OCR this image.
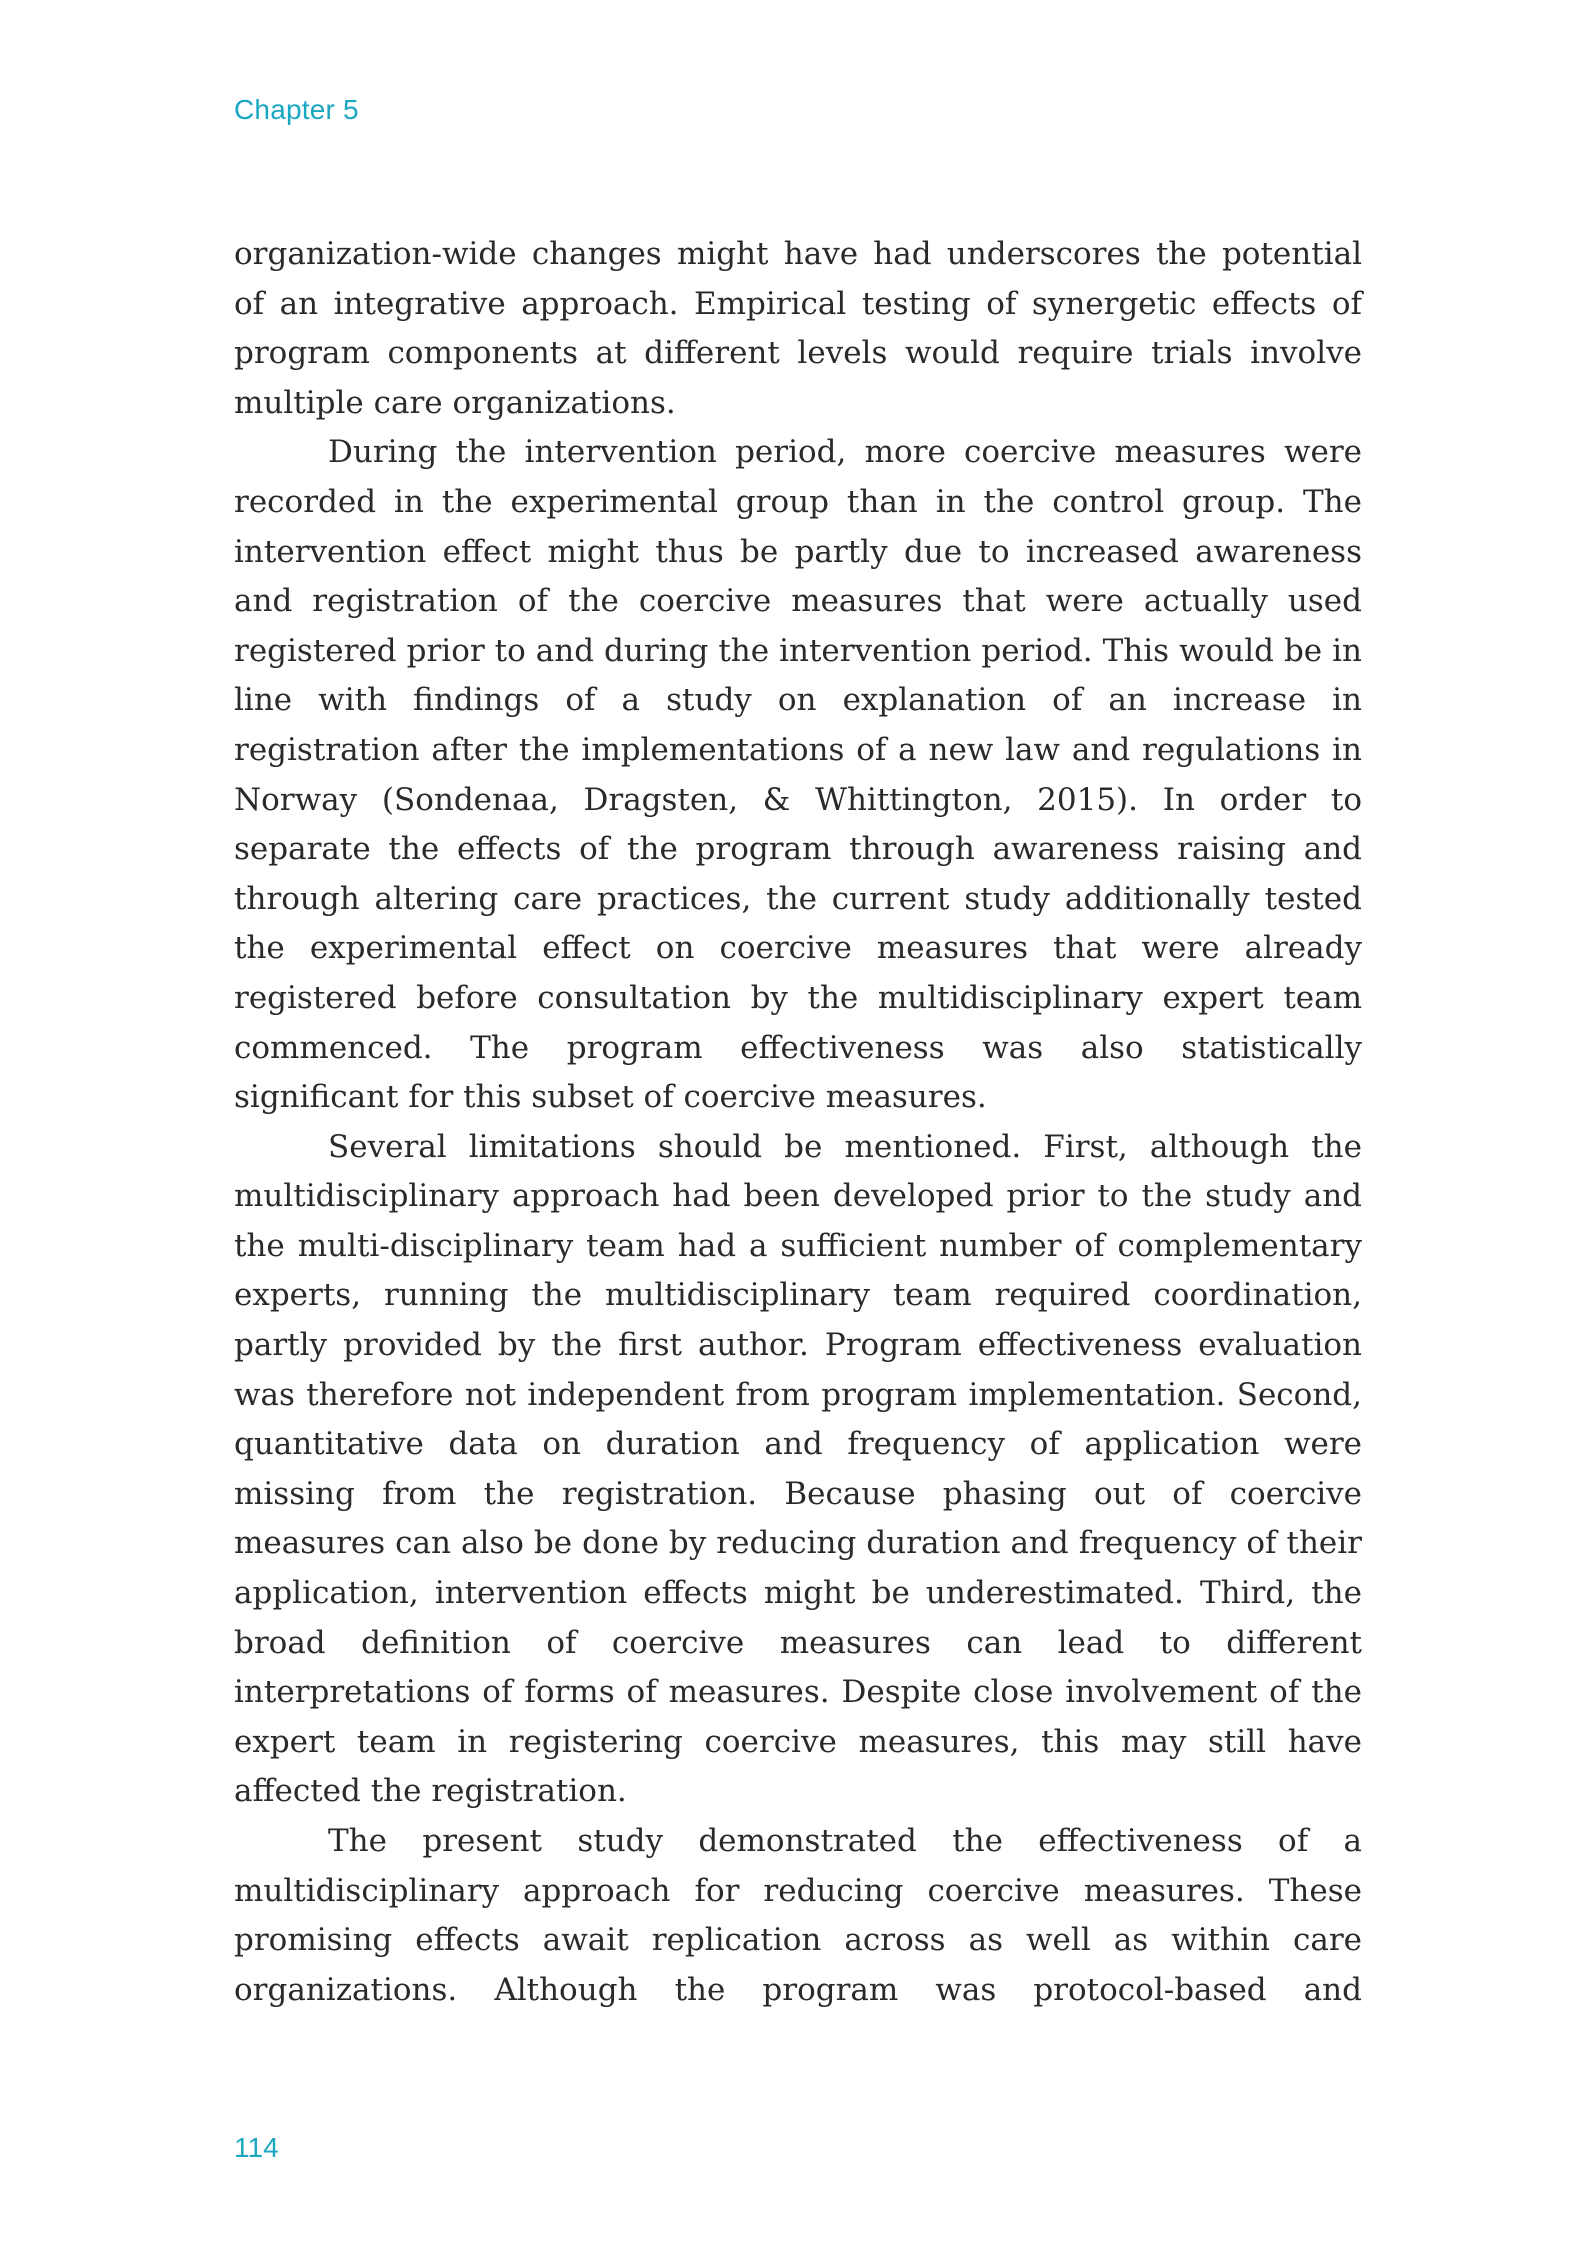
Chapter 5

organization-wide changes might have had underscores the potential of an integrative approach. Empirical testing of synergetic effects of program components at different levels would require trials involve multiple care organizations.

During the intervention period, more coercive measures were recorded in the experimental group than in the control group. The intervention effect might thus be partly due to increased awareness and registration of the coercive measures that were actually used registered prior to and during the intervention period. This would be in line with findings of a study on explanation of an increase in registration after the implementations of a new law and regulations in Norway (Sondenaa, Dragsten, & Whittington, 2015). In order to separate the effects of the program through awareness raising and through altering care practices, the current study additionally tested the experimental effect on coercive measures that were already registered before consultation by the multidisciplinary expert team commenced. The program effectiveness was also statistically significant for this subset of coercive measures.

Several limitations should be mentioned. First, although the multidisciplinary approach had been developed prior to the study and the multi-disciplinary team had a sufficient number of complementary experts, running the multidisciplinary team required coordination, partly provided by the first author. Program effectiveness evaluation was therefore not independent from program implementation. Second, quantitative data on duration and frequency of application were missing from the registration. Because phasing out of coercive measures can also be done by reducing duration and frequency of their application, intervention effects might be underestimated. Third, the broad definition of coercive measures can lead to different interpretations of forms of measures. Despite close involvement of the expert team in registering coercive measures, this may still have affected the registration.

The present study demonstrated the effectiveness of a multidisciplinary approach for reducing coercive measures. These promising effects await replication across as well as within care organizations. Although the program was protocol-based and

114
